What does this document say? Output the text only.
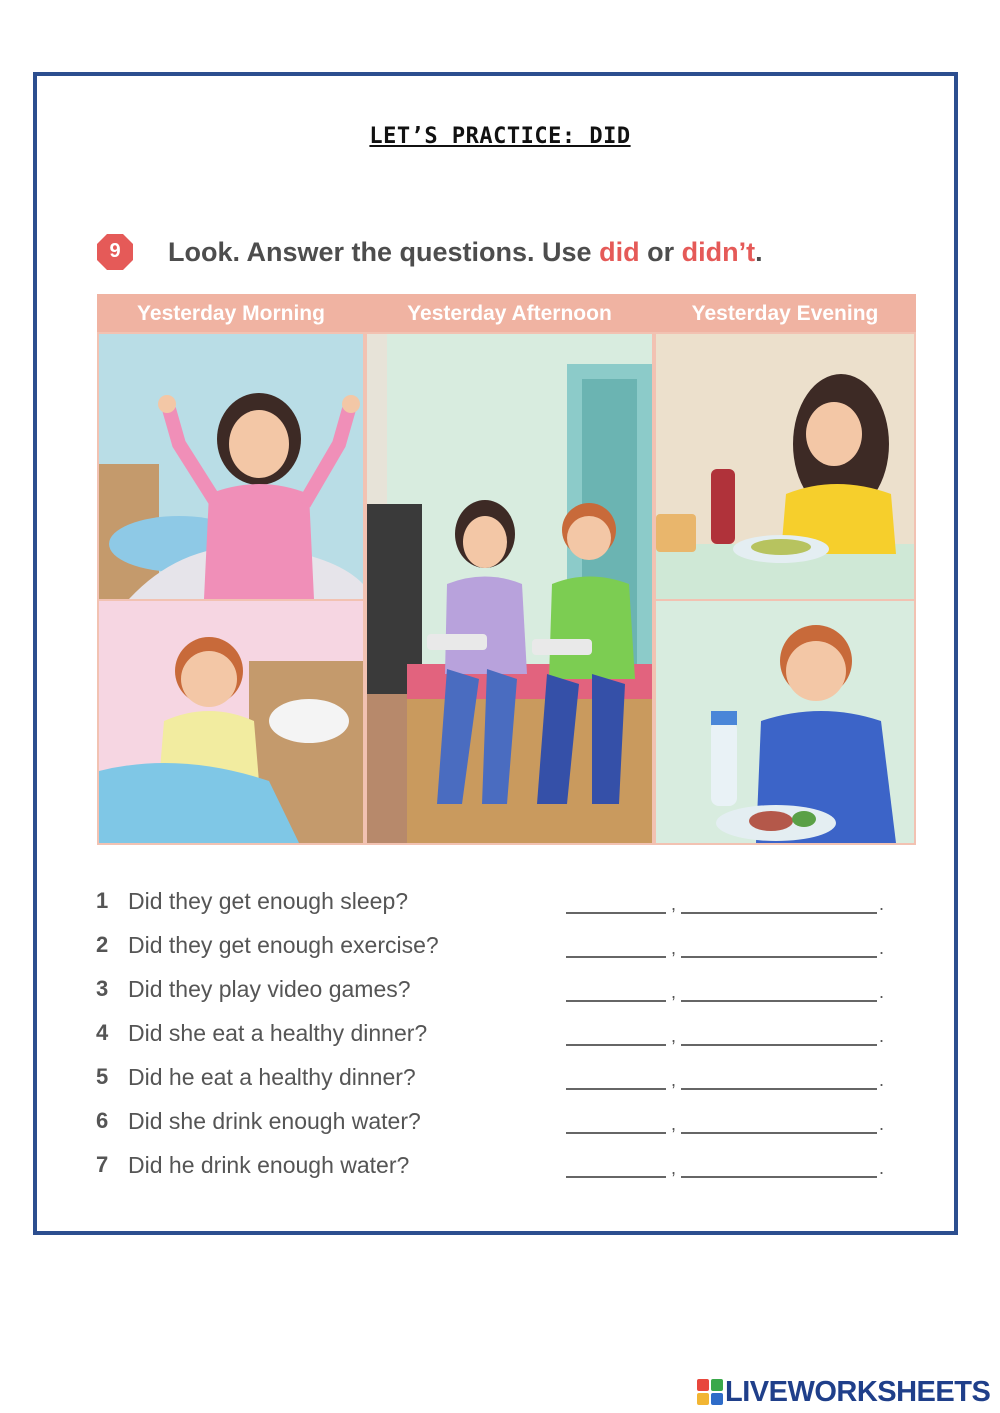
LET’S PRACTICE: DID
9	Look. Answer the questions. Use did or didn’t.
Yesterday Morning	Yesterday Afternoon	Yesterday Evening
1 Did they get enough sleep?	,	.
2 Did they get enough exercise?	,	.
3 Did they play video games?	,	.
4 Did she eat a healthy dinner?	,	.
5 Did he eat a healthy dinner?	,	.
6 Did she drink enough water?	,	.
7 Did he drink enough water?	,	.
LIVEWORKSHEETS
